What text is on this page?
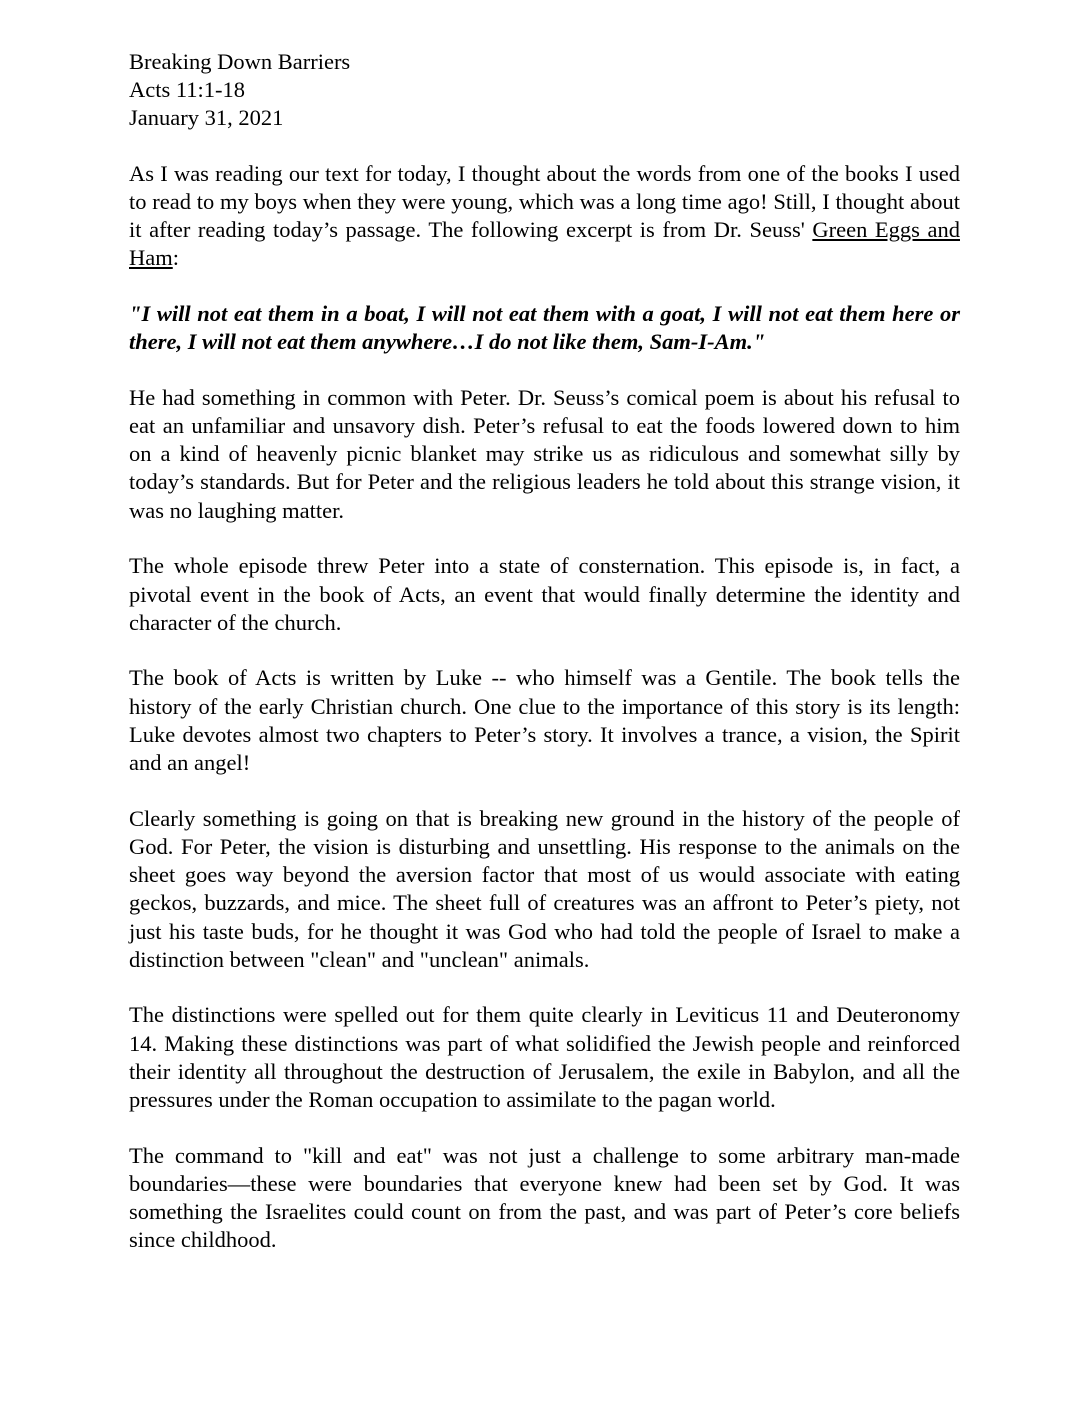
Breaking Down Barriers
Acts 11:1-18
January 31, 2021

As I was reading our text for today, I thought about the words from one of the books I used to read to my boys when they were young, which was a long time ago! Still, I thought about it after reading today’s passage. The following excerpt is from Dr. Seuss' Green Eggs and Ham:

"I will not eat them in a boat, I will not eat them with a goat, I will not eat them here or there, I will not eat them anywhere…I do not like them, Sam-I-Am."

He had something in common with Peter. Dr. Seuss’s comical poem is about his refusal to eat an unfamiliar and unsavory dish. Peter’s refusal to eat the foods lowered down to him on a kind of heavenly picnic blanket may strike us as ridiculous and somewhat silly by today’s standards. But for Peter and the religious leaders he told about this strange vision, it was no laughing matter.

The whole episode threw Peter into a state of consternation. This episode is, in fact, a pivotal event in the book of Acts, an event that would finally determine the identity and character of the church.

The book of Acts is written by Luke -- who himself was a Gentile. The book tells the history of the early Christian church. One clue to the importance of this story is its length: Luke devotes almost two chapters to Peter’s story. It involves a trance, a vision, the Spirit and an angel!

Clearly something is going on that is breaking new ground in the history of the people of God. For Peter, the vision is disturbing and unsettling. His response to the animals on the sheet goes way beyond the aversion factor that most of us would associate with eating geckos, buzzards, and mice. The sheet full of creatures was an affront to Peter’s piety, not just his taste buds, for he thought it was God who had told the people of Israel to make a distinction between "clean" and "unclean" animals.

The distinctions were spelled out for them quite clearly in Leviticus 11 and Deuteronomy 14. Making these distinctions was part of what solidified the Jewish people and reinforced their identity all throughout the destruction of Jerusalem, the exile in Babylon, and all the pressures under the Roman occupation to assimilate to the pagan world.

The command to "kill and eat" was not just a challenge to some arbitrary man-made boundaries—these were boundaries that everyone knew had been set by God. It was something the Israelites could count on from the past, and was part of Peter’s core beliefs since childhood.
